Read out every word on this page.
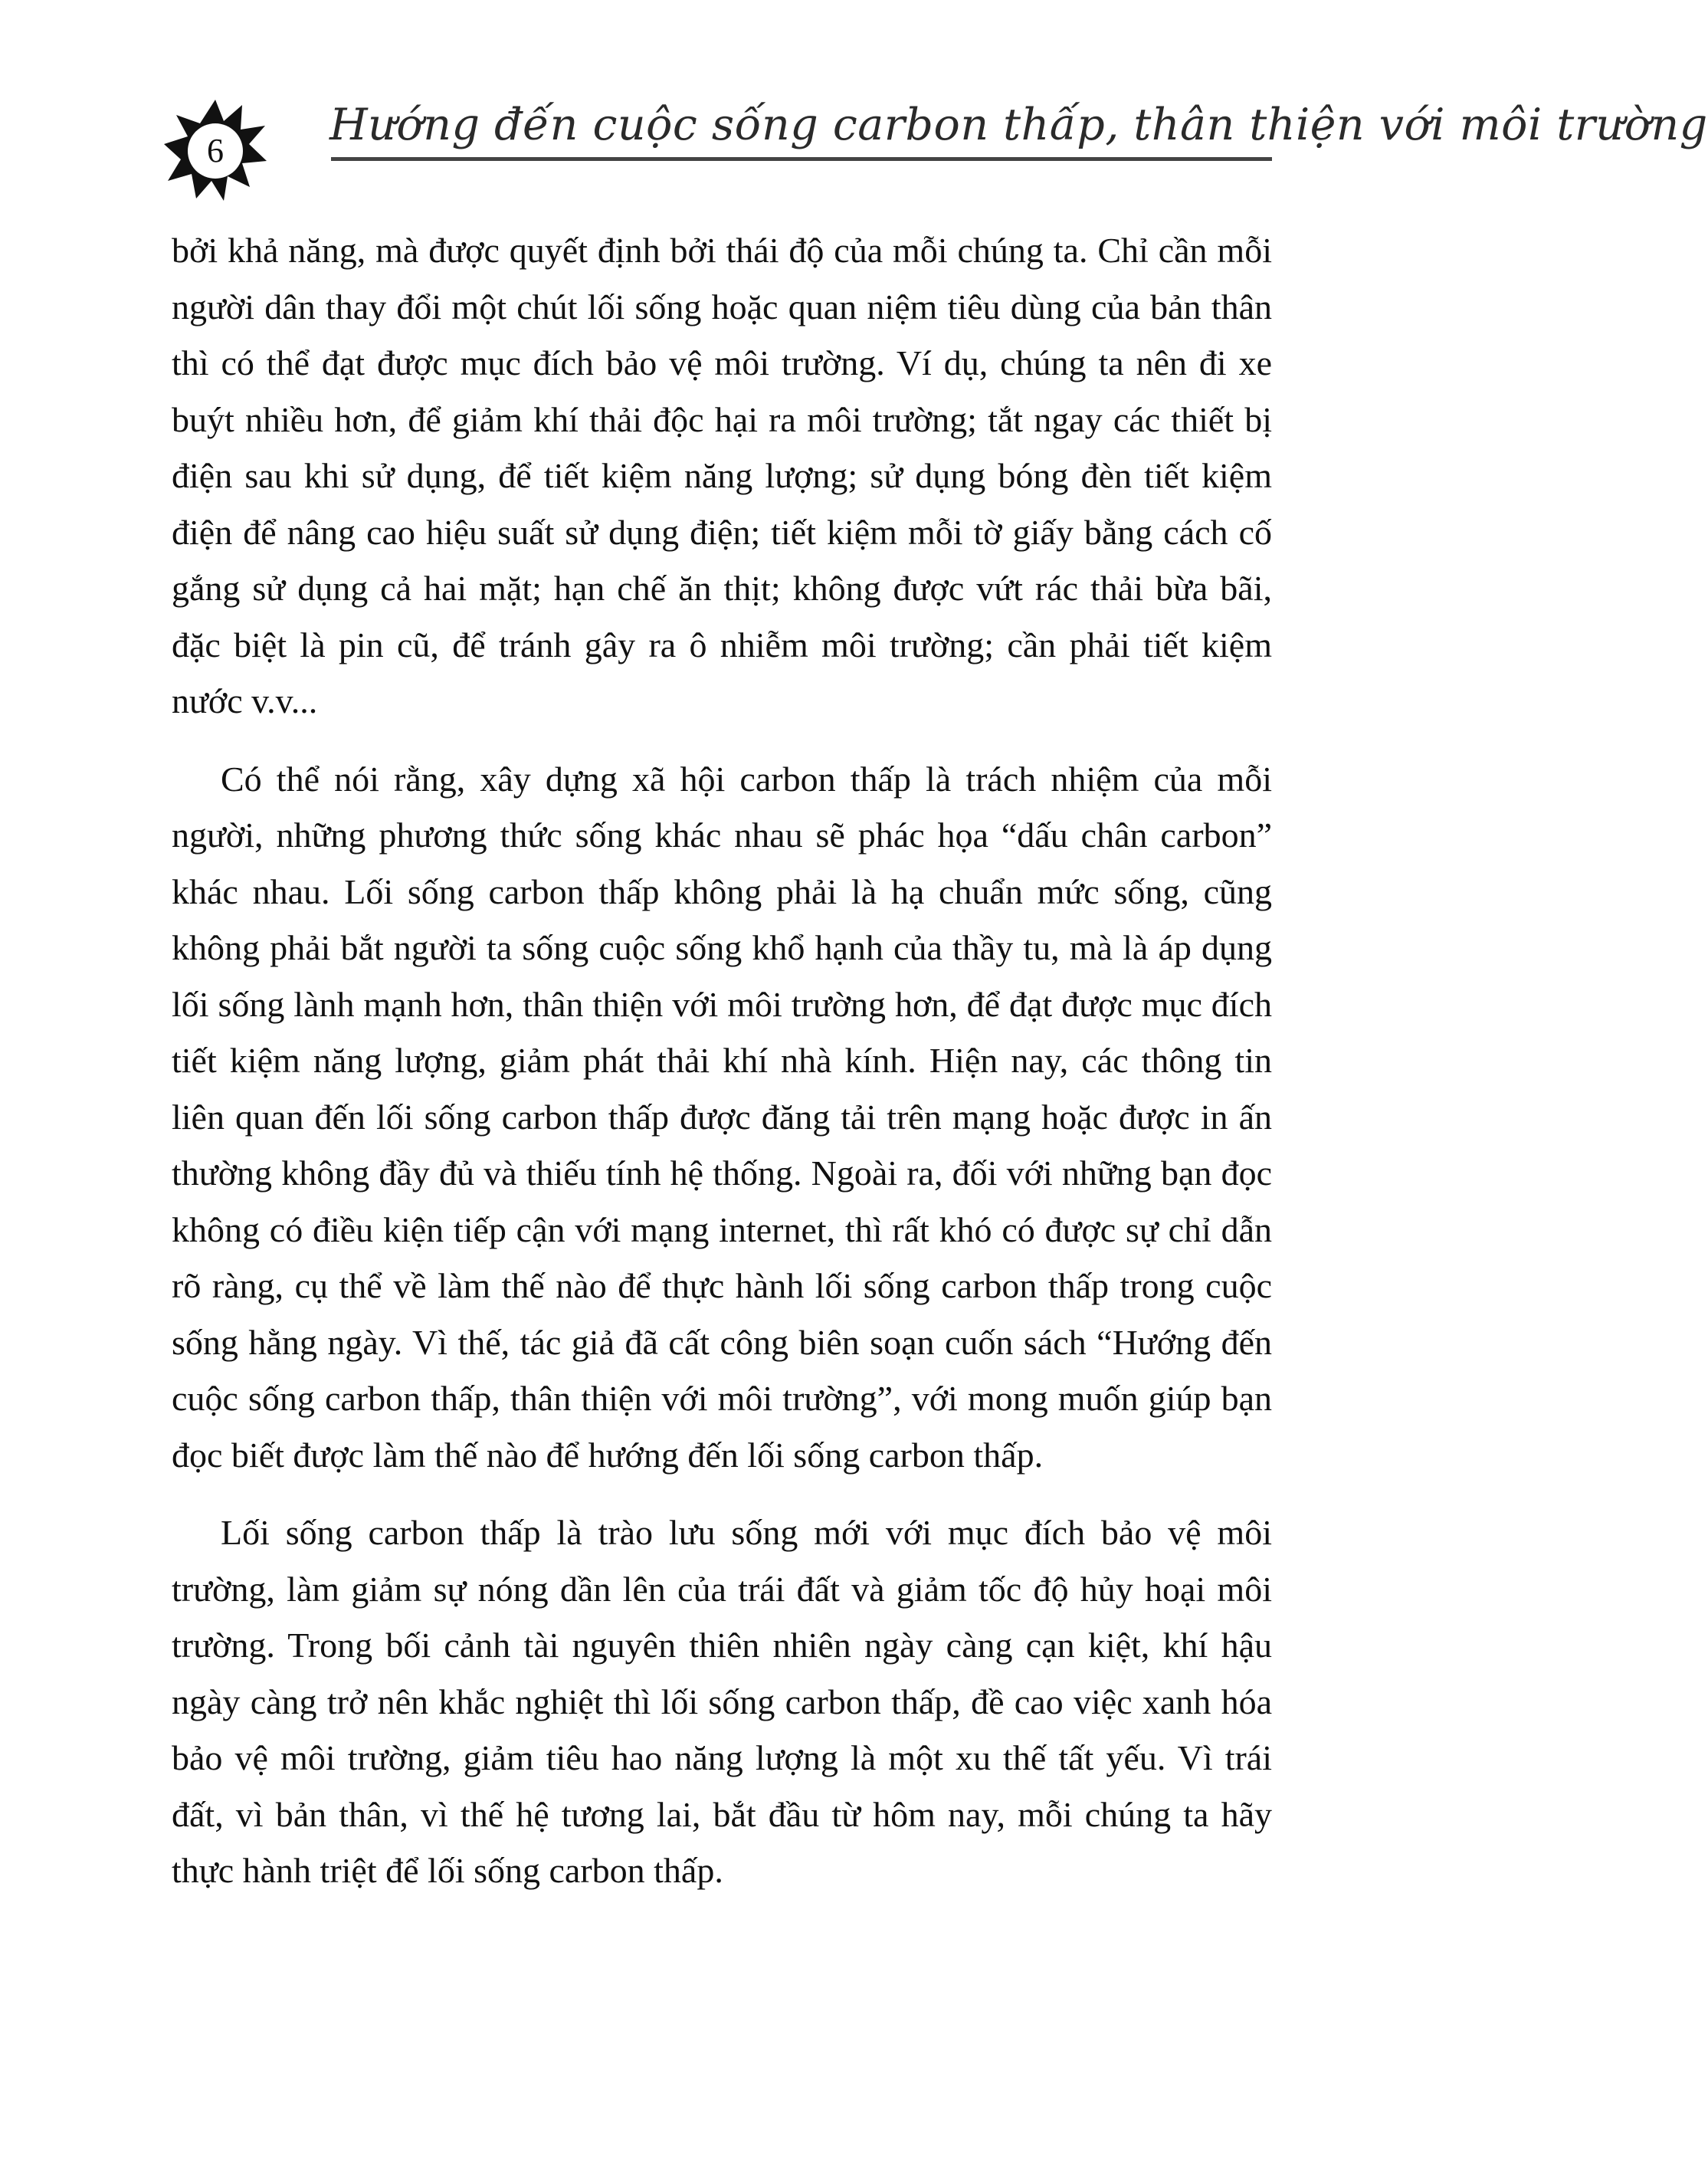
6
Hướng đến cuộc sống carbon thấp, thân thiện với môi trường

bởi khả năng, mà được quyết định bởi thái độ của mỗi chúng ta. Chỉ cần mỗi người dân thay đổi một chút lối sống hoặc quan niệm tiêu dùng của bản thân thì có thể đạt được mục đích bảo vệ môi trường. Ví dụ, chúng ta nên đi xe buýt nhiều hơn, để giảm khí thải độc hại ra môi trường; tắt ngay các thiết bị điện sau khi sử dụng, để tiết kiệm năng lượng; sử dụng bóng đèn tiết kiệm điện để nâng cao hiệu suất sử dụng điện; tiết kiệm mỗi tờ giấy bằng cách cố gắng sử dụng cả hai mặt; hạn chế ăn thịt; không được vứt rác thải bừa bãi, đặc biệt là pin cũ, để tránh gây ra ô nhiễm môi trường; cần phải tiết kiệm nước v.v...

Có thể nói rằng, xây dựng xã hội carbon thấp là trách nhiệm của mỗi người, những phương thức sống khác nhau sẽ phác họa “dấu chân carbon” khác nhau. Lối sống carbon thấp không phải là hạ chuẩn mức sống, cũng không phải bắt người ta sống cuộc sống khổ hạnh của thầy tu, mà là áp dụng lối sống lành mạnh hơn, thân thiện với môi trường hơn, để đạt được mục đích tiết kiệm năng lượng, giảm phát thải khí nhà kính. Hiện nay, các thông tin liên quan đến lối sống carbon thấp được đăng tải trên mạng hoặc được in ấn thường không đầy đủ và thiếu tính hệ thống. Ngoài ra, đối với những bạn đọc không có điều kiện tiếp cận với mạng internet, thì rất khó có được sự chỉ dẫn rõ ràng, cụ thể về làm thế nào để thực hành lối sống carbon thấp trong cuộc sống hằng ngày. Vì thế, tác giả đã cất công biên soạn cuốn sách “Hướng đến cuộc sống carbon thấp, thân thiện với môi trường”, với mong muốn giúp bạn đọc biết được làm thế nào để hướng đến lối sống carbon thấp.

Lối sống carbon thấp là trào lưu sống mới với mục đích bảo vệ môi trường, làm giảm sự nóng dần lên của trái đất và giảm tốc độ hủy hoại môi trường. Trong bối cảnh tài nguyên thiên nhiên ngày càng cạn kiệt, khí hậu ngày càng trở nên khắc nghiệt thì lối sống carbon thấp, đề cao việc xanh hóa bảo vệ môi trường, giảm tiêu hao năng lượng là một xu thế tất yếu. Vì trái đất, vì bản thân, vì thế hệ tương lai, bắt đầu từ hôm nay, mỗi chúng ta hãy thực hành triệt để lối sống carbon thấp.
